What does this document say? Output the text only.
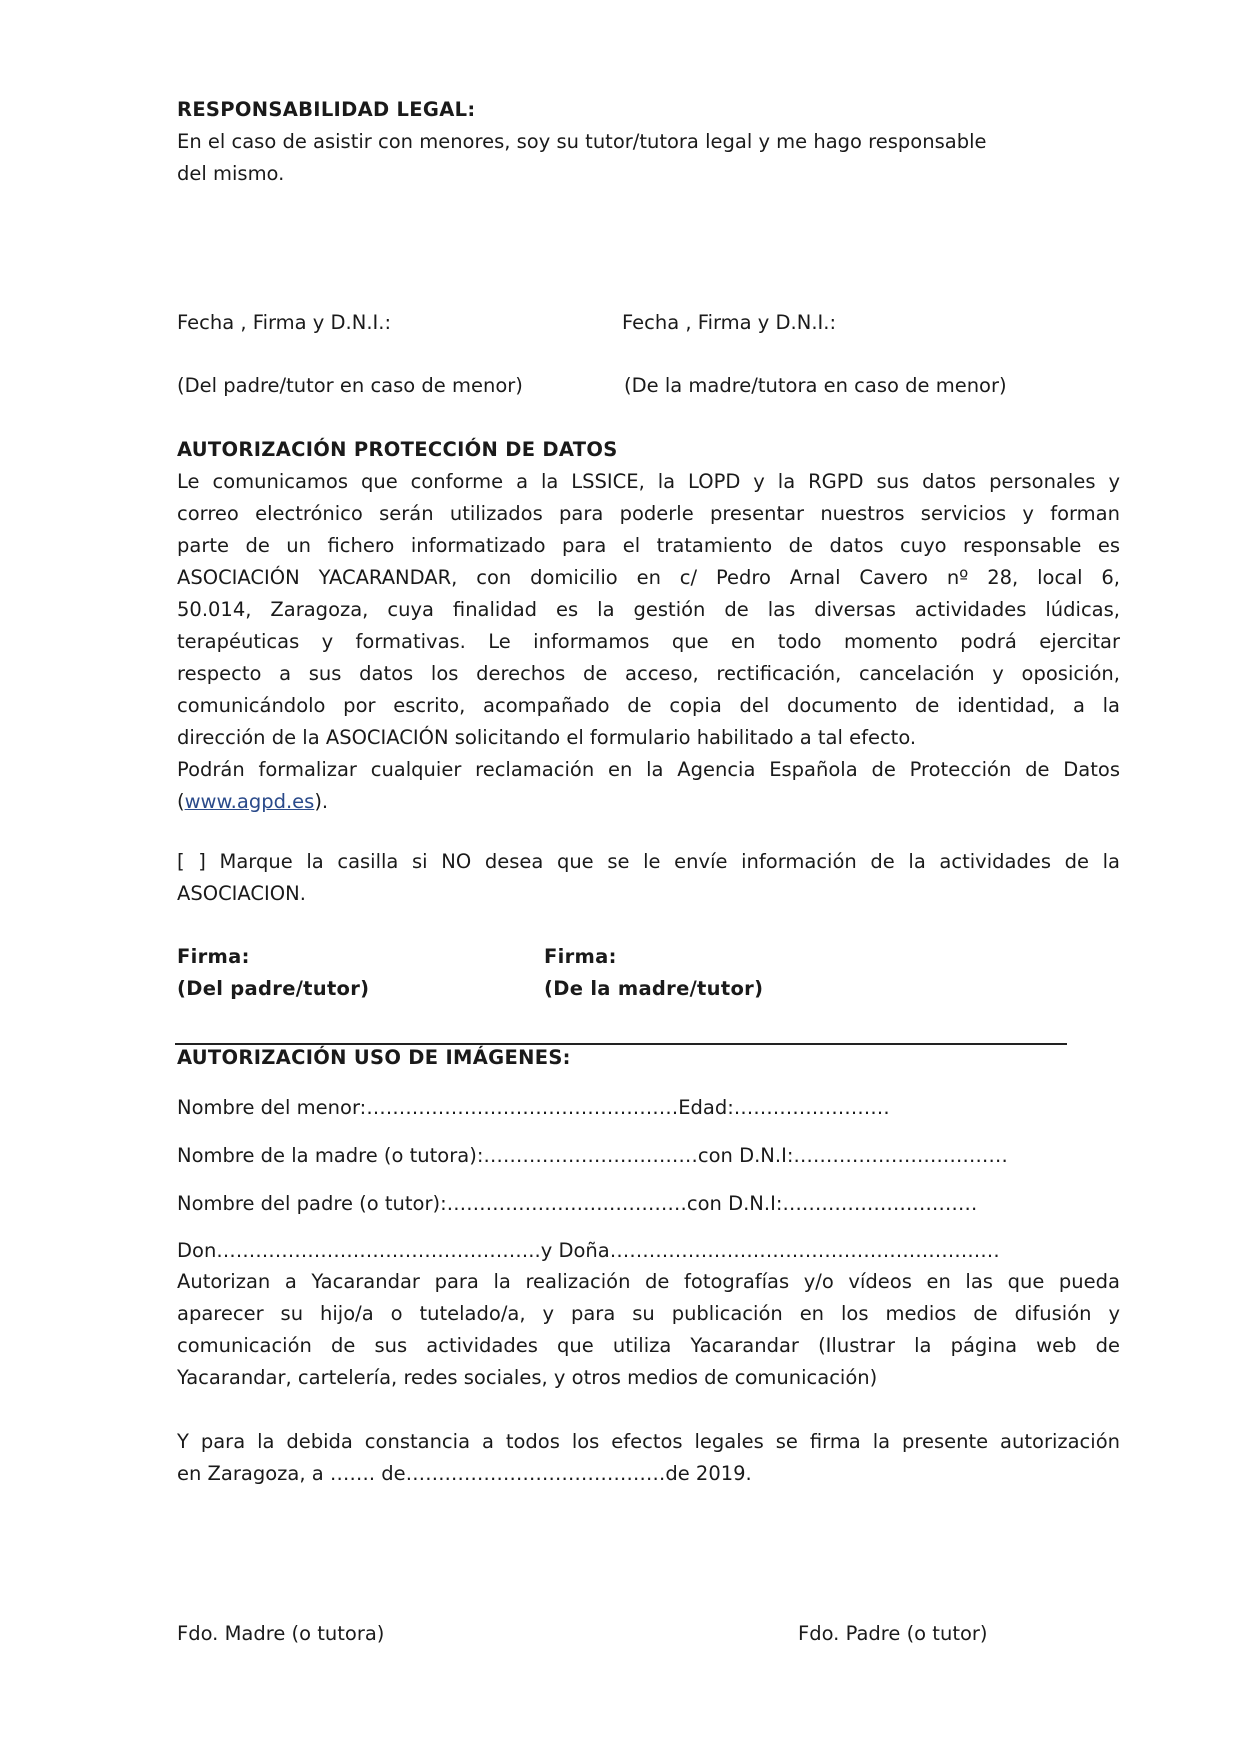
RESPONSABILIDAD LEGAL:
En el caso de asistir con menores, soy su tutor/tutora legal y me hago responsable
del mismo.
Fecha , Firma y D.N.I.:	Fecha , Firma y D.N.I.:
(Del padre/tutor en caso de menor)	(De la madre/tutora en caso de menor)
AUTORIZACIÓN PROTECCIÓN DE DATOS
Le comunicamos que conforme a la LSSICE, la LOPD y la RGPD sus datos personales y
correo electrónico serán utilizados para poderle presentar nuestros servicios y forman
parte de un fichero informatizado para el tratamiento de datos cuyo responsable es
ASOCIACIÓN YACARANDAR, con domicilio en c/ Pedro Arnal Cavero nº 28, local 6,
50.014, Zaragoza, cuya finalidad es la gestión de las diversas actividades lúdicas,
terapéuticas y formativas. Le informamos que en todo momento podrá ejercitar
respecto a sus datos los derechos de acceso, rectificación, cancelación y oposición,
comunicándolo por escrito, acompañado de copia del documento de identidad, a la
dirección de la ASOCIACIÓN solicitando el formulario habilitado a tal efecto.
Podrán formalizar cualquier reclamación en la Agencia Española de Protección de Datos
(www.agpd.es).
[ ] Marque la casilla si NO desea que se le envíe información de la actividades de la
ASOCIACION.
Firma:	Firma:
(Del padre/tutor)	(De la madre/tutor)
AUTORIZACIÓN USO DE IMÁGENES:
Nombre del menor:…………………………………………Edad:……………………
Nombre de la madre (o tutora):……………………………con D.N.I:……………………………
Nombre del padre (o tutor):…………………….…………con D.N.I:…………………………
Don…………………………………………..y Doña……………………………………………………
Autorizan a Yacarandar para la realización de fotografías y/o vídeos en las que pueda
aparecer su hijo/a o tutelado/a, y para su publicación en los medios de difusión y
comunicación de sus actividades que utiliza Yacarandar (Ilustrar la página web de
Yacarandar, cartelería, redes sociales, y otros medios de comunicación)
Y para la debida constancia a todos los efectos legales se firma la presente autorización
en Zaragoza, a ……. de…….……………………………de 2019.
Fdo. Madre (o tutora)	Fdo. Padre (o tutor)
